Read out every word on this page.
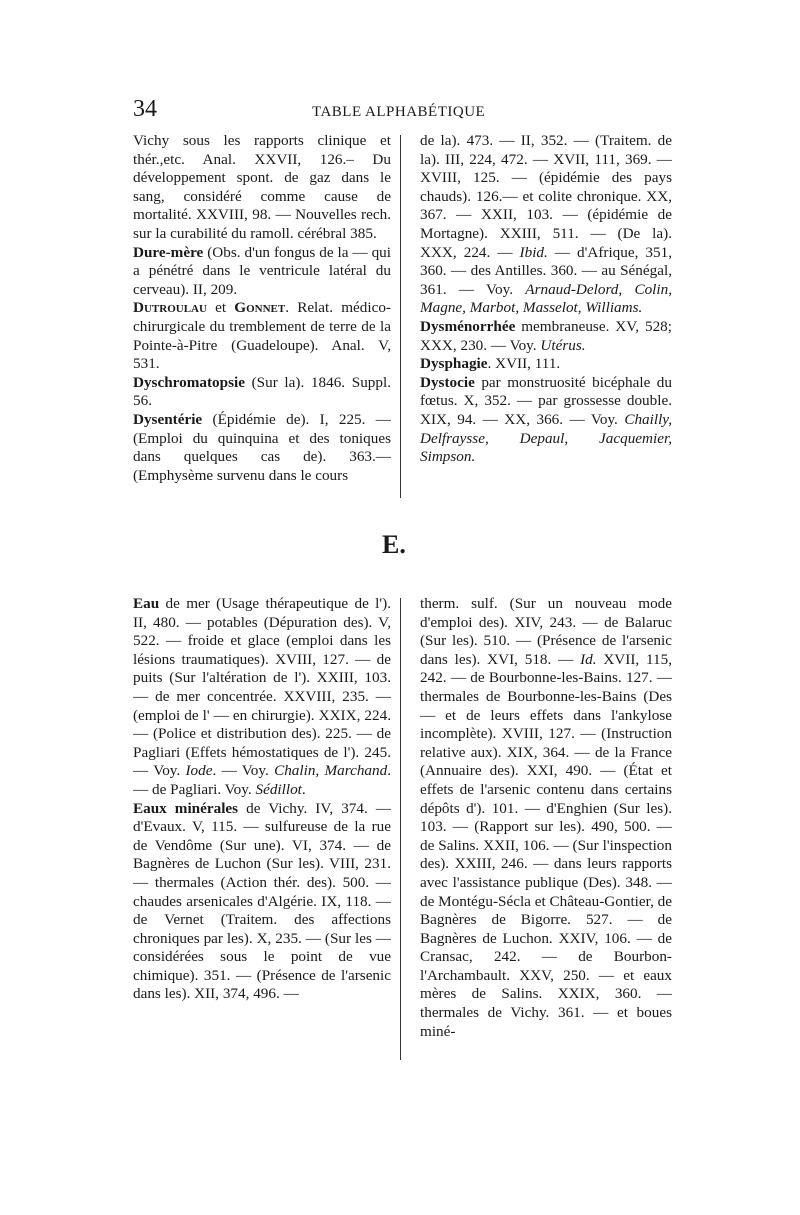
34	TABLE ALPHABÉTIQUE

Vichy sous les rapports clinique et thér.,etc. Anal. XXVII, 126.– Du développement spont. de gaz dans le sang, considéré comme cause de mortalité. XXVIII, 98. — Nouvelles rech. sur la curabilité du ramoll. cérébral 385.

Dure-mère (Obs. d'un fongus de la — qui a pénétré dans le ventricule latéral du cerveau). II, 209.

Dutroulau et Gonnet. Relat. médico-chirurgicale du tremblement de terre de la Pointe-à-Pitre (Guadeloupe). Anal. V, 531.

Dyschromatopsie (Sur la). 1846. Suppl. 56.

Dysentérie (Épidémie de). I, 225. — (Emploi du quinquina et des toniques dans quelques cas de). 363.— (Emphysème survenu dans le cours

de la). 473. — II, 352. — (Traitem. de la). III, 224, 472. — XVII, 111, 369. — XVIII, 125. — (épidémie des pays chauds). 126.— et colite chronique. XX, 367. — XXII, 103. — (épidémie de Mortagne). XXIII, 511. — (De la). XXX, 224. — Ibid. — d'Afrique, 351, 360. — des Antilles. 360. — au Sénégal, 361. — Voy. Arnaud-Delord, Colin, Magne, Marbot, Masselot, Williams.

Dysménorrhée membraneuse. XV, 528; XXX, 230. — Voy. Utérus.

Dysphagie. XVII, 111.

Dystocie par monstruosité bicéphale du fœtus. X, 352. — par grossesse double. XIX, 94. — XX, 366. — Voy. Chailly, Delfraysse, Depaul, Jacquemier, Simpson.

E.

Eau de mer (Usage thérapeutique de l'). II, 480. — potables (Dépuration des). V, 522. — froide et glace (emploi dans les lésions traumatiques). XVIII, 127. — de puits (Sur l'altération de l'). XXIII, 103. — de mer concentrée. XXVIII, 235. — (emploi de l' — en chirurgie). XXIX, 224. — (Police et distribution des). 225. — de Pagliari (Effets hémostatiques de l'). 245. — Voy. Iode. — Voy. Chalin, Marchand. — de Pagliari. Voy. Sédillot.

Eaux minérales de Vichy. IV, 374. — d'Evaux. V, 115. — sulfureuse de la rue de Vendôme (Sur une). VI, 374. — de Bagnères de Luchon (Sur les). VIII, 231. — thermales (Action thér. des). 500. — chaudes arsenicales d'Algérie. IX, 118. — de Vernet (Traitem. des affections chroniques par les). X, 235. — (Sur les — considérées sous le point de vue chimique). 351. — (Présence de l'arsenic dans les). XII, 374, 496. —

therm. sulf. (Sur un nouveau mode d'emploi des). XIV, 243. — de Balaruc (Sur les). 510. — (Présence de l'arsenic dans les). XVI, 518. — Id. XVII, 115, 242. — de Bourbonne-les-Bains. 127. — thermales de Bourbonne-les-Bains (Des — et de leurs effets dans l'ankylose incomplète). XVIII, 127. — (Instruction relative aux). XIX, 364. — de la France (Annuaire des). XXI, 490. — (État et effets de l'arsenic contenu dans certains dépôts d'). 101. — d'Enghien (Sur les). 103. — (Rapport sur les). 490, 500. — de Salins. XXII, 106. — (Sur l'inspection des). XXIII, 246. — dans leurs rapports avec l'assistance publique (Des). 348. — de Montégu-Sécla et Château-Gontier, de Bagnères de Bigorre. 527. — de Bagnères de Luchon. XXIV, 106. — de Cransac, 242. — de Bourbon-l'Archambault. XXV, 250. — et eaux mères de Salins. XXIX, 360. — thermales de Vichy. 361. — et boues miné-
